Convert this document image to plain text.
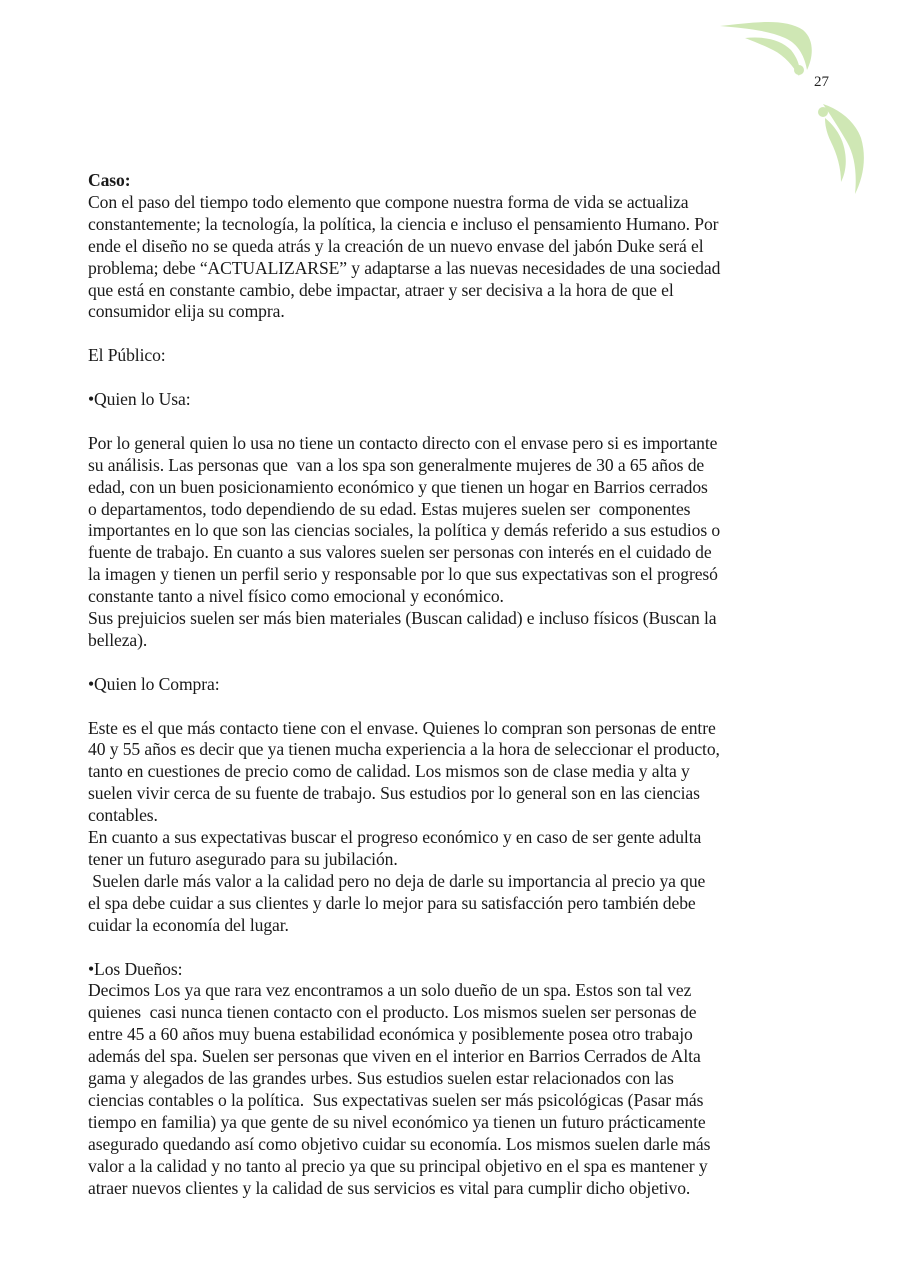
27
Caso:
Con el paso del tiempo todo elemento que compone nuestra forma de vida se actualiza
constantemente; la tecnología, la política, la ciencia e incluso el pensamiento Humano. Por
ende el diseño no se queda atrás y la creación de un nuevo envase del jabón Duke será el
problema; debe “ACTUALIZARSE” y adaptarse a las nuevas necesidades de una sociedad
que está en constante cambio, debe impactar, atraer y ser decisiva a la hora de que el
consumidor elija su compra.
El Público:
•Quien lo Usa:
Por lo general quien lo usa no tiene un contacto directo con el envase pero si es importante
su análisis. Las personas que  van a los spa son generalmente mujeres de 30 a 65 años de
edad, con un buen posicionamiento económico y que tienen un hogar en Barrios cerrados
o departamentos, todo dependiendo de su edad. Estas mujeres suelen ser  componentes
importantes en lo que son las ciencias sociales, la política y demás referido a sus estudios o
fuente de trabajo. En cuanto a sus valores suelen ser personas con interés en el cuidado de
la imagen y tienen un perfil serio y responsable por lo que sus expectativas son el progresó
constante tanto a nivel físico como emocional y económico.
Sus prejuicios suelen ser más bien materiales (Buscan calidad) e incluso físicos (Buscan la
belleza).
•Quien lo Compra:
Este es el que más contacto tiene con el envase. Quienes lo compran son personas de entre
40 y 55 años es decir que ya tienen mucha experiencia a la hora de seleccionar el producto,
tanto en cuestiones de precio como de calidad. Los mismos son de clase media y alta y
suelen vivir cerca de su fuente de trabajo. Sus estudios por lo general son en las ciencias
contables.
En cuanto a sus expectativas buscar el progreso económico y en caso de ser gente adulta
tener un futuro asegurado para su jubilación.
Suelen darle más valor a la calidad pero no deja de darle su importancia al precio ya que
el spa debe cuidar a sus clientes y darle lo mejor para su satisfacción pero también debe
cuidar la economía del lugar.
•Los Dueños:
Decimos Los ya que rara vez encontramos a un solo dueño de un spa. Estos son tal vez
quienes  casi nunca tienen contacto con el producto. Los mismos suelen ser personas de
entre 45 a 60 años muy buena estabilidad económica y posiblemente posea otro trabajo
además del spa. Suelen ser personas que viven en el interior en Barrios Cerrados de Alta
gama y alegados de las grandes urbes. Sus estudios suelen estar relacionados con las
ciencias contables o la política.  Sus expectativas suelen ser más psicológicas (Pasar más
tiempo en familia) ya que gente de su nivel económico ya tienen un futuro prácticamente
asegurado quedando así como objetivo cuidar su economía. Los mismos suelen darle más
valor a la calidad y no tanto al precio ya que su principal objetivo en el spa es mantener y
atraer nuevos clientes y la calidad de sus servicios es vital para cumplir dicho objetivo.
